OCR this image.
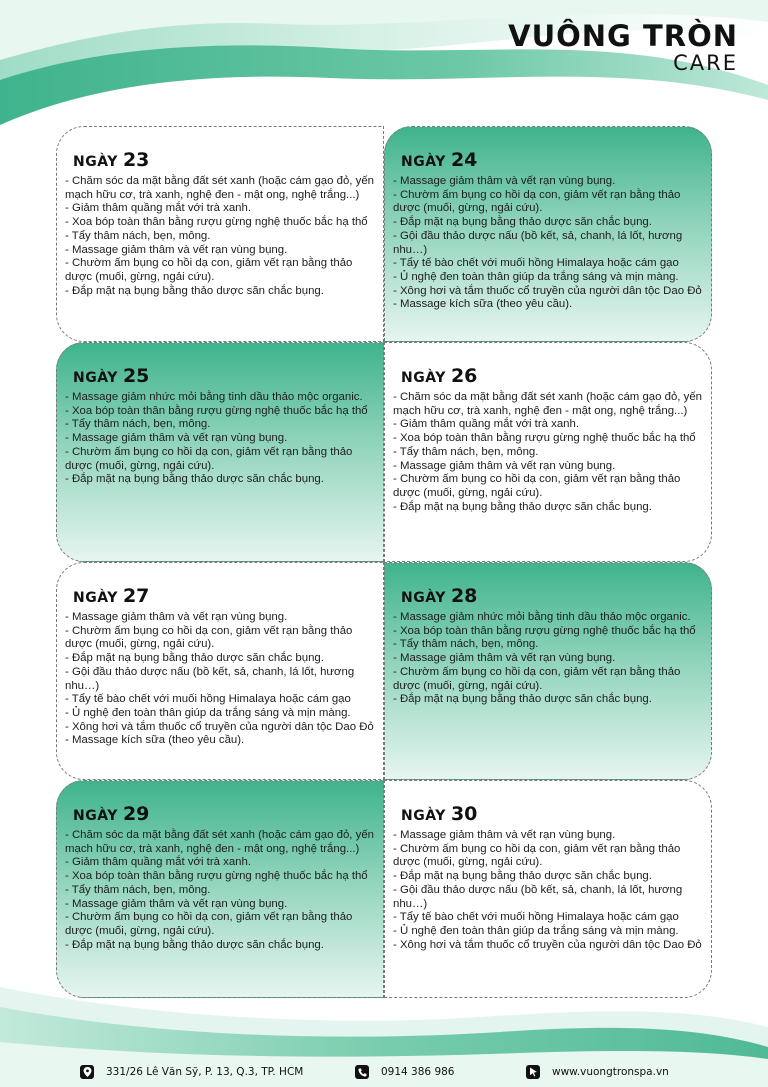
VUÔNG TRÒN
CARE
NGÀY 23
- Chăm sóc da mặt bằng đất sét xanh (hoặc cám gạo đỏ, yến mạch hữu cơ, trà xanh, nghệ đen - mật ong, nghệ trắng...)
- Giảm thâm quầng mắt với trà xanh.
- Xoa bóp toàn thân bằng rượu gừng nghệ thuốc bắc hạ thổ
- Tẩy thâm nách, bẹn, mông.
- Massage giảm thâm và vết rạn vùng bụng.
- Chườm ấm bụng co hồi dạ con, giảm vết rạn bằng thảo dược (muối, gừng, ngải cứu).
- Đắp mặt nạ bụng bằng thảo dược săn chắc bụng.
NGÀY 24
- Massage giảm thâm và vết rạn vùng bụng.
- Chườm ấm bụng co hồi dạ con, giảm vết rạn bằng thảo dược (muối, gừng, ngải cứu).
- Đắp mặt nạ bụng bằng thảo dược săn chắc bụng.
- Gội đầu thảo dược nấu (bồ kết, sả, chanh, lá lốt, hương nhu…)
- Tẩy tế bào chết với muối hồng Himalaya hoặc cám gạo
- Ủ nghệ đen toàn thân giúp da trắng sáng và mịn màng.
- Xông hơi và tắm thuốc cổ truyền của người dân tộc Dao Đỏ
- Massage kích sữa (theo yêu cầu).
NGÀY 25
- Massage giảm nhức mỏi bằng tinh dầu thảo mộc organic.
- Xoa bóp toàn thân bằng rượu gừng nghệ thuốc bắc hạ thổ
- Tẩy thâm nách, bẹn, mông.
- Massage giảm thâm và vết rạn vùng bụng.
- Chườm ấm bụng co hồi dạ con, giảm vết rạn bằng thảo dược (muối, gừng, ngải cứu).
- Đắp mặt nạ bụng bằng thảo dược săn chắc bụng.
NGÀY 26
- Chăm sóc da mặt bằng đất sét xanh (hoặc cám gạo đỏ, yến mạch hữu cơ, trà xanh, nghệ đen - mật ong, nghệ trắng...)
- Giảm thâm quầng mắt với trà xanh.
- Xoa bóp toàn thân bằng rượu gừng nghệ thuốc bắc hạ thổ
- Tẩy thâm nách, bẹn, mông.
- Massage giảm thâm và vết rạn vùng bụng.
- Chườm ấm bụng co hồi dạ con, giảm vết rạn bằng thảo dược (muối, gừng, ngải cứu).
- Đắp mặt nạ bụng bằng thảo dược săn chắc bụng.
NGÀY 27
- Massage giảm thâm và vết rạn vùng bụng.
- Chườm ấm bụng co hồi dạ con, giảm vết rạn bằng thảo dược (muối, gừng, ngải cứu).
- Đắp mặt nạ bụng bằng thảo dược săn chắc bụng.
- Gội đầu thảo dược nấu (bồ kết, sả, chanh, lá lốt, hương nhu…)
- Tẩy tế bào chết với muối hồng Himalaya hoặc cám gạo
- Ủ nghệ đen toàn thân giúp da trắng sáng và mịn màng.
- Xông hơi và tắm thuốc cổ truyền của người dân tộc Dao Đỏ
- Massage kích sữa (theo yêu cầu).
NGÀY 28
- Massage giảm nhức mỏi bằng tinh dầu thảo mộc organic.
- Xoa bóp toàn thân bằng rượu gừng nghệ thuốc bắc hạ thổ
- Tẩy thâm nách, bẹn, mông.
- Massage giảm thâm và vết rạn vùng bụng.
- Chườm ấm bụng co hồi dạ con, giảm vết rạn bằng thảo dược (muối, gừng, ngải cứu).
- Đắp mặt nạ bụng bằng thảo dược săn chắc bụng.
NGÀY 29
- Chăm sóc da mặt bằng đất sét xanh (hoặc cám gạo đỏ, yến mạch hữu cơ, trà xanh, nghệ đen - mật ong, nghệ trắng...)
- Giảm thâm quầng mắt với trà xanh.
- Xoa bóp toàn thân bằng rượu gừng nghệ thuốc bắc hạ thổ
- Tẩy thâm nách, bẹn, mông.
- Massage giảm thâm và vết rạn vùng bụng.
- Chườm ấm bụng co hồi dạ con, giảm vết rạn bằng thảo dược (muối, gừng, ngải cứu).
- Đắp mặt nạ bụng bằng thảo dược săn chắc bụng.
NGÀY 30
- Massage giảm thâm và vết rạn vùng bụng.
- Chườm ấm bụng co hồi dạ con, giảm vết rạn bằng thảo dược (muối, gừng, ngải cứu).
- Đắp mặt nạ bụng bằng thảo dược săn chắc bụng.
- Gội đầu thảo dược nấu (bồ kết, sả, chanh, lá lốt, hương nhu…)
- Tẩy tế bào chết với muối hồng Himalaya hoặc cám gạo
- Ủ nghệ đen toàn thân giúp da trắng sáng và mịn màng.
- Xông hơi và tắm thuốc cổ truyền của người dân tộc Dao Đỏ
331/26 Lê Văn Sỹ, P. 13, Q.3, TP. HCM	0914 386 986	www.vuongtronspa.vn
